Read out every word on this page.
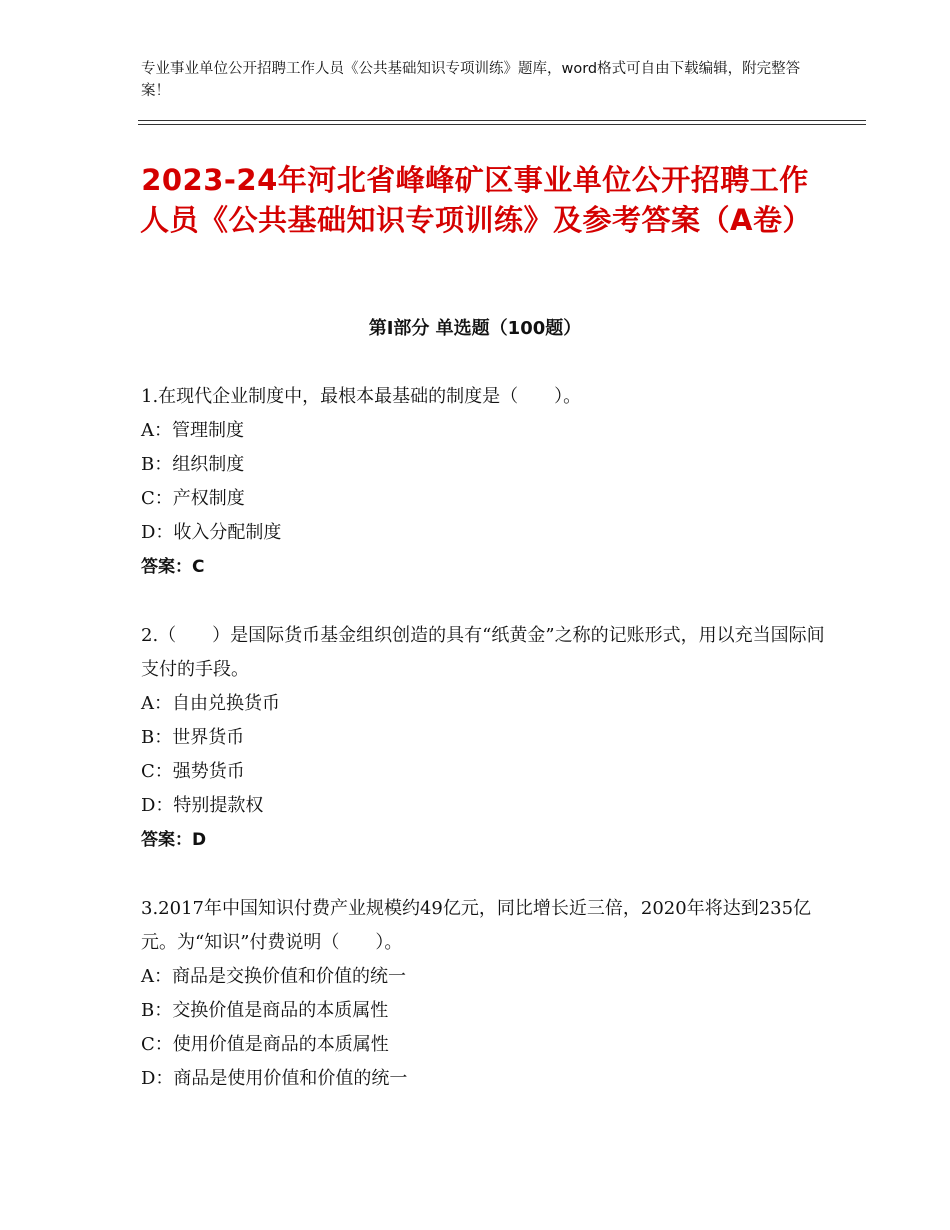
专业事业单位公开招聘工作人员《公共基础知识专项训练》题库，word格式可自由下载编辑，附完整答案！
2023-24年河北省峰峰矿区事业单位公开招聘工作人员《公共基础知识专项训练》及参考答案（A卷）
第Ⅰ部分 单选题（100题）

1.在现代企业制度中，最根本最基础的制度是（　　）。

A：管理制度

B：组织制度

C：产权制度

D：收入分配制度

答案：C

2.（　　）是国际货币基金组织创造的具有“纸黄金”之称的记账形式，用以充当国际间支付的手段。

A：自由兑换货币

B：世界货币

C：强势货币

D：特别提款权

答案：D

3.2017年中国知识付费产业规模约49亿元，同比增长近三倍，2020年将达到235亿元。为“知识”付费说明（　　）。

A：商品是交换价值和价值的统一

B：交换价值是商品的本质属性

C：使用价值是商品的本质属性

D：商品是使用价值和价值的统一
